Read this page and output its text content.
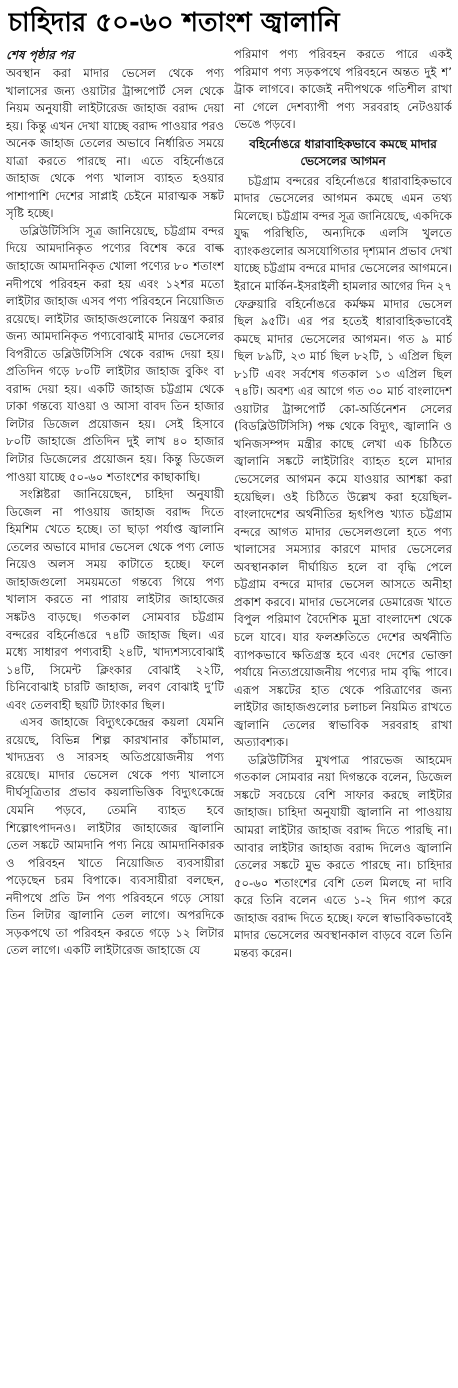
চাহিদার ৫০-৬০ শতাংশ জ্বালানি
শেষ পৃষ্ঠার পর

অবস্থান করা মাদার ভেসেল থেকে পণ্য খালাসের জন্য ওয়াটার ট্রান্সপোর্ট সেল থেকে নিয়ম অনুযায়ী লাইটারেজ জাহাজ বরাদ্দ দেয়া হয়। কিন্তু এখন দেখা যাচ্ছে বরাদ্দ পাওয়ার পরও অনেক জাহাজ তেলের অভাবে নির্ধারিত সময়ে যাত্রা করতে পারছে না। এতে বহির্নোঙরে জাহাজ থেকে পণ্য খালাস ব্যাহত হওয়ার পাশাপাশি দেশের সাপ্লাই চেইনে মারাত্মক সঙ্কট সৃষ্টি হচ্ছে।

ডব্লিউটিসিসি সূত্র জানিয়েছে, চট্টগ্রাম বন্দর দিয়ে আমদানিকৃত পণ্যের বিশেষ করে বাল্ক জাহাজে আমদানিকৃত খোলা পণ্যের ৮০ শতাংশ নদীপথে পরিবহন করা হয় এবং ১২শর মতো লাইটার জাহাজ এসব পণ্য পরিবহনে নিয়োজিত রয়েছে। লাইটার জাহাজগুলোকে নিয়ন্ত্রণ করার জন্য আমদানিকৃত পণ্যবোঝাই মাদার ভেসেলের বিপরীতে ডব্লিউটিসিসি থেকে বরাদ্দ দেয়া হয়। প্রতিদিন গড়ে ৮০টি লাইটার জাহাজ বুকিং বা বরাদ্দ দেয়া হয়। একটি জাহাজ চট্টগ্রাম থেকে ঢাকা গন্তব্যে যাওয়া ও আসা বাবদ তিন হাজার লিটার ডিজেল প্রয়োজন হয়। সেই হিসাবে ৮০টি জাহাজে প্রতিদিন দুই লাখ ৪০ হাজার লিটার ডিজেলের প্রয়োজন হয়। কিন্তু ডিজেল পাওয়া যাচ্ছে ৫০-৬০ শতাংশের কাছাকাছি।

সংশ্লিষ্টরা জানিয়েছেন, চাহিদা অনুযায়ী ডিজেল না পাওয়ায় জাহাজ বরাদ্দ দিতে হিমশিম খেতে হচ্ছে। তা ছাড়া পর্যাপ্ত জ্বালানি তেলের অভাবে মাদার ভেসেল থেকে পণ্য লোড নিয়েও অলস সময় কাটাতে হচ্ছে। ফলে জাহাজগুলো সময়মতো গন্তব্যে গিয়ে পণ্য খালাস করতে না পারায় লাইটার জাহাজের সঙ্কটও বাড়ছে। গতকাল সোমবার চট্টগ্রাম বন্দরের বহির্নোঙরে ৭৪টি জাহাজ ছিল। এর মধ্যে সাধারণ পণ্যবাহী ২৪টি, খাদ্যশস্যবোঝাই ১৪টি, সিমেন্ট ক্লিংকার বোঝাই ২২টি, চিনিবোঝাই চারটি জাহাজ, লবণ বোঝাই দু’টি এবং তেলবাহী ছয়টি ট্যাংকার ছিল।

এসব জাহাজে বিদ্যুৎকেন্দ্রের কয়লা যেমনি রয়েছে, বিভিন্ন শিল্প কারখানার কাঁচামাল, খাদ্যদ্রব্য ও সারসহ অতিপ্রয়োজনীয় পণ্য রয়েছে। মাদার ভেসেল থেকে পণ্য খালাসে দীর্ঘসূত্রিতার প্রভাব কয়লাভিত্তিক বিদ্যুৎকেন্দ্রে যেমনি পড়বে, তেমনি ব্যাহত হবে শিল্পোৎপাদনও। লাইটার জাহাজের জ্বালানি তেল সঙ্কটে আমদানি পণ্য নিয়ে আমদানিকারক ও পরিবহন খাতে নিয়োজিত ব্যবসায়ীরা পড়েছেন চরম বিপাকে। ব্যবসায়ীরা বলছেন, নদীপথে প্রতি টন পণ্য পরিবহনে গড়ে সোয়া তিন লিটার জ্বালানি তেল লাগে। অপরদিকে সড়কপথে তা পরিবহন করতে গড়ে ১২ লিটার তেল লাগে। একটি লাইটারেজ জাহাজে যে

পরিমাণ পণ্য পরিবহন করতে পারে একই পরিমাণ পণ্য সড়কপথে পরিবহনে অন্তত দুই শ’ ট্রাক লাগবে। কাজেই নদীপথকে গতিশীল রাখা না গেলে দেশব্যাপী পণ্য সরবরাহ নেটওয়ার্ক ভেঙে পড়বে।

বহির্নোঙরে ধারাবাহিকভাবে কমছে মাদার ভেসেলের আগমন

চট্টগ্রাম বন্দরের বহির্নোঙরে ধারাবাহিকভাবে মাদার ভেসেলের আগমন কমছে এমন তথ্য মিলেছে। চট্টগ্রাম বন্দর সূত্র জানিয়েছে, একদিকে যুদ্ধ পরিস্থিতি, অন্যদিকে এলসি খুলতে ব্যাংকগুলোর অসযোগিতার দৃশ্যমান প্রভাব দেখা যাচ্ছে চট্টগ্রাম বন্দরে মাদার ভেসেলের আগমনে। ইরানে মার্কিন-ইসরাইলী হামলার আগের দিন ২৭ ফেব্রুয়ারি বহির্নোঙরে কর্মক্ষম মাদার ভেসেল ছিল ৯৫টি। এর পর হতেই ধারাবাহিকভাবেই কমছে মাদার ভেসেলের আগমন। গত ৯ মার্চ ছিল ৮৯টি, ২৩ মার্চ ছিল ৮২টি, ১ এপ্রিল ছিল ৮১টি এবং সর্বশেষ গতকাল ১৩ এপ্রিল ছিল ৭৪টি। অবশ্য এর আগে গত ৩০ মার্চ বাংলাদেশ ওয়াটার ট্রান্সপোর্ট কো-অর্ডিনেশন সেলের (বিডব্লিউটিসিসি) পক্ষ থেকে বিদ্যুৎ, জ্বালানি ও খনিজসম্পদ মন্ত্রীর কাছে লেখা এক চিঠিতে জ্বালানি সঙ্কটে লাইটারিং ব্যাহত হলে মাদার ভেসেলের আগমন কমে যাওয়ার আশঙ্কা করা হয়েছিল। ওই চিঠিতে উল্লেখ করা হয়েছিল-বাংলাদেশের অর্থনীতির হৃৎপিণ্ড খ্যাত চট্টগ্রাম বন্দরে আগত মাদার ভেসেলগুলো হতে পণ্য খালাসের সমস্যার কারণে মাদার ভেসেলের অবস্থানকাল দীর্ঘায়িত হলে বা বৃদ্ধি পেলে চট্টগ্রাম বন্দরে মাদার ভেসেল আসতে অনীহা প্রকাশ করবে। মাদার ভেসেলের ডেমারেজ খাতে বিপুল পরিমাণ বৈদেশিক মুদ্রা বাংলাদেশ থেকে চলে যাবে। যার ফলশ্রুতিতে দেশের অর্থনীতি ব্যাপকভাবে ক্ষতিগ্রস্ত হবে এবং দেশের ভোক্তা পর্যায়ে নিত্যপ্রয়োজনীয় পণ্যের দাম বৃদ্ধি পাবে। এরূপ সঙ্কটের হাত থেকে পরিত্রাণের জন্য লাইটার জাহাজগুলোর চলাচল নিয়মিত রাখতে জ্বালানি তেলের স্বাভাবিক সরবরাহ রাখা অত্যাবশ্যক।

ডব্লিউটিসির মুখপাত্র পারভেজ আহমেদ গতকাল সোমবার নয়া দিগন্তকে বলেন, ডিজেল সঙ্কটে সবচেয়ে বেশি সাফার করছে লাইটার জাহাজ। চাহিদা অনুযায়ী জ্বালানি না পাওয়ায় আমরা লাইটার জাহাজ বরাদ্দ দিতে পারছি না। আবার লাইটার জাহাজ বরাদ্দ দিলেও জ্বালানি তেলের সঙ্কটে মুভ করতে পারছে না। চাহিদার ৫০-৬০ শতাংশের বেশি তেল মিলছে না দাবি করে তিনি বলেন এতে ১-২ দিন গ্যাপ করে জাহাজ বরাদ্দ দিতে হচ্ছে। ফলে স্বাভাবিকভাবেই মাদার ভেসেলের অবস্থানকাল বাড়বে বলে তিনি মন্তব্য করেন।
